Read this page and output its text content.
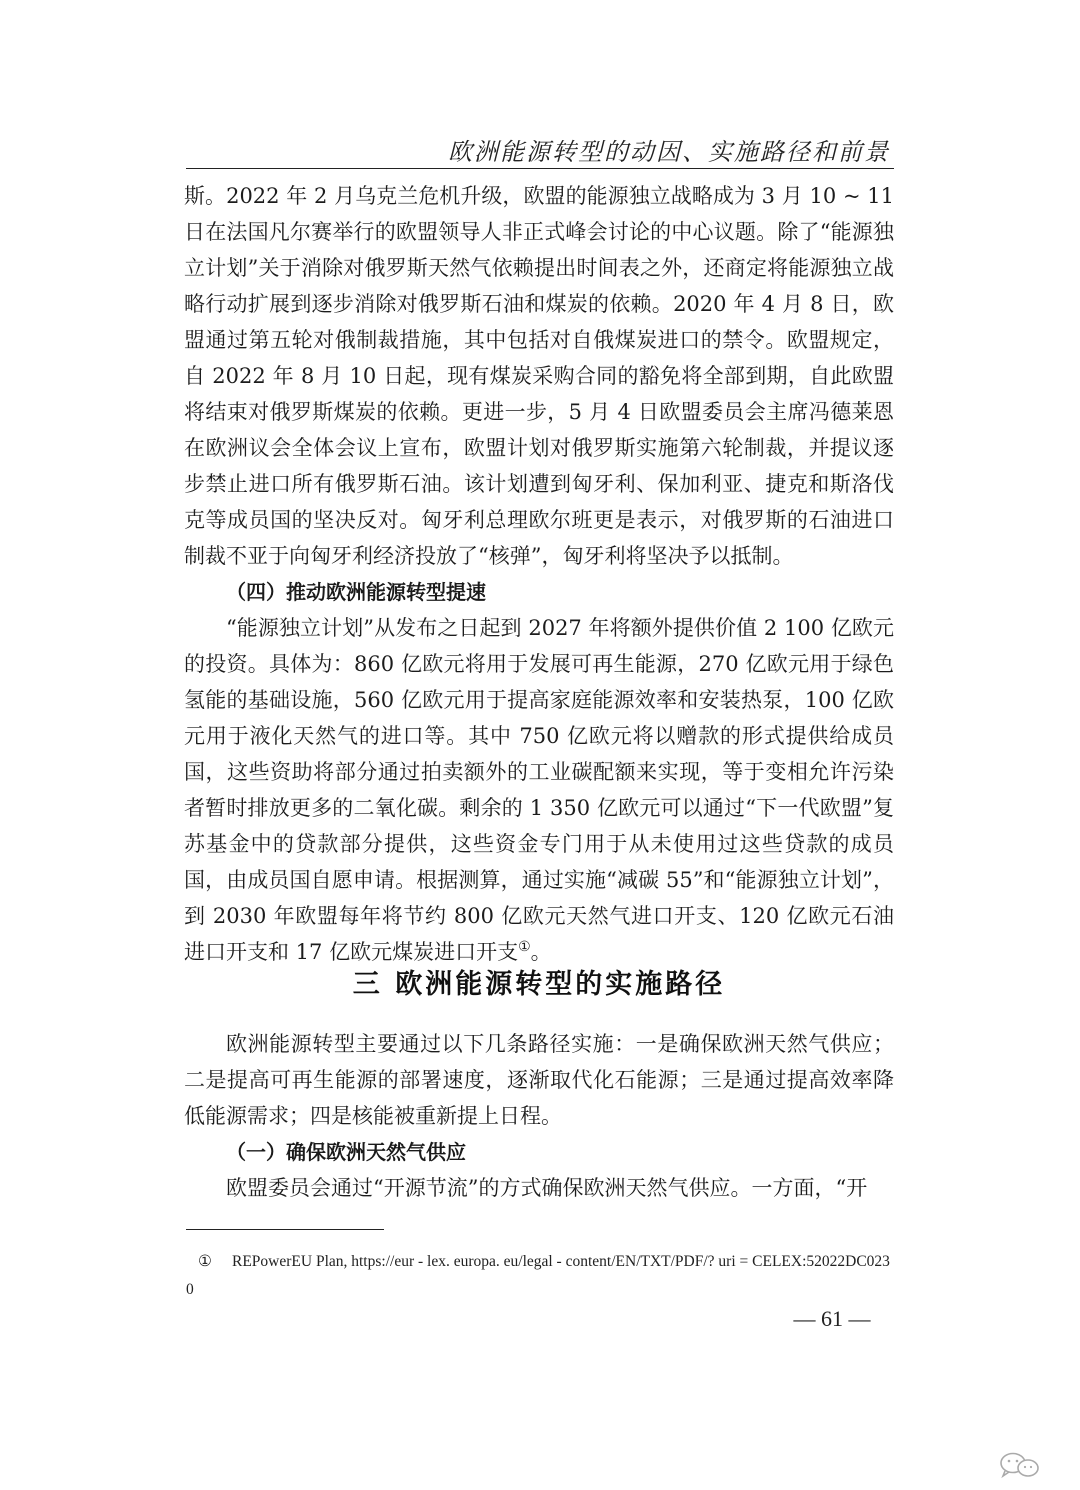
欧洲能源转型的动因、实施路径和前景

斯。2022 年 2 月乌克兰危机升级，欧盟的能源独立战略成为 3 月 10 ~ 11 日在法国凡尔赛举行的欧盟领导人非正式峰会讨论的中心议题。除了“能源独立计划”关于消除对俄罗斯天然气依赖提出时间表之外，还商定将能源独立战略行动扩展到逐步消除对俄罗斯石油和煤炭的依赖。2020 年 4 月 8 日，欧盟通过第五轮对俄制裁措施，其中包括对自俄煤炭进口的禁令。欧盟规定，自 2022 年 8 月 10 日起，现有煤炭采购合同的豁免将全部到期，自此欧盟将结束对俄罗斯煤炭的依赖。更进一步，5 月 4 日欧盟委员会主席冯德莱恩在欧洲议会全体会议上宣布，欧盟计划对俄罗斯实施第六轮制裁，并提议逐步禁止进口所有俄罗斯石油。该计划遭到匈牙利、保加利亚、捷克和斯洛伐克等成员国的坚决反对。匈牙利总理欧尔班更是表示，对俄罗斯的石油进口制裁不亚于向匈牙利经济投放了“核弹”，匈牙利将坚决予以抵制。

（四）推动欧洲能源转型提速

“能源独立计划”从发布之日起到 2027 年将额外提供价值 2 100 亿欧元的投资。具体为：860 亿欧元将用于发展可再生能源，270 亿欧元用于绿色氢能的基础设施，560 亿欧元用于提高家庭能源效率和安装热泵，100 亿欧元用于液化天然气的进口等。其中 750 亿欧元将以赠款的形式提供给成员国，这些资助将部分通过拍卖额外的工业碳配额来实现，等于变相允许污染者暂时排放更多的二氧化碳。剩余的 1 350 亿欧元可以通过“下一代欧盟”复苏基金中的贷款部分提供，这些资金专门用于从未使用过这些贷款的成员国，由成员国自愿申请。根据测算，通过实施“减碳 55”和“能源独立计划”，到 2030 年欧盟每年将节约 800 亿欧元天然气进口开支、120 亿欧元石油进口开支和 17 亿欧元煤炭进口开支①。

三 欧洲能源转型的实施路径

欧洲能源转型主要通过以下几条路径实施：一是确保欧洲天然气供应；二是提高可再生能源的部署速度，逐渐取代化石能源；三是通过提高效率降低能源需求；四是核能被重新提上日程。

（一）确保欧洲天然气供应

欧盟委员会通过“开源节流”的方式确保欧洲天然气供应。一方面，“开

① REPowerEU Plan, https://eur - lex. europa. eu/legal - content/EN/TXT/PDF/? uri = CELEX:52022DC0230
— 61 —
